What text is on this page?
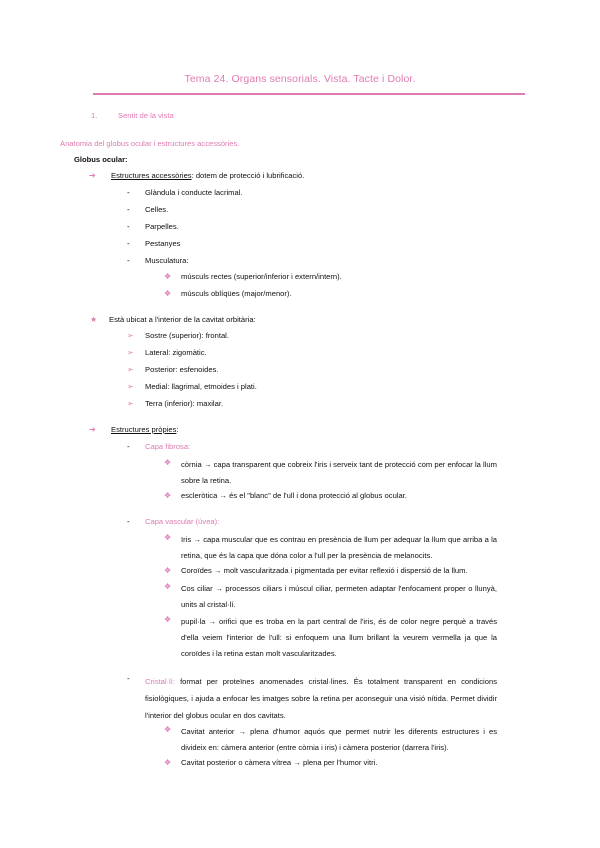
Tema 24. Organs sensorials. Vista. Tacte i Dolor.
1.	Sentit de la vista
Anatomia del globus ocular i estructures accessòries.
Globus ocular:
➔ Estructures accessòries: dotem de protecció i lubrificació.
- Glàndula i conducte lacrimal.
- Celles.
- Parpelles.
- Pestanyes
- Musculatura:
❖ músculs rectes (superior/inferior i extern/intern).
❖ músculs oblíqües (major/menor).
★ Està ubicat a l'interior de la cavitat orbitària:
➢ Sostre (superior): frontal.
➢ Lateral: zigomàtic.
➢ Posterior: esfenoides.
➢ Medial: llagrimal, etmoides i plati.
➢ Terra (inferior): maxilar.
➔ Estructures pròpies:
- Capa fibrosa:
❖ còrnia → capa transparent que cobreix l'iris i serveix tant de protecció com per enfocar la llum sobre la retina.
❖ escleròtica → és el "blanc" de l'ull i dona protecció al globus ocular.
- Capa vascular (úvea):
❖ Iris → capa muscular que es contrau en presència de llum per adequar la llum que arriba a la retina, que és la capa que dóna color a l'ull per la presència de melanocits.
❖ Coroïdes → molt vascularitzada i pigmentada per evitar reflexió i dispersió de la llum.
❖ Cos ciliar → processos ciliars i múscul ciliar, permeten adaptar l'enfocament proper o llunyà, units al cristal·lí.
❖ pupil·la → orifici que es troba en la part central de l'iris, és de color negre perquè a través d'ella veiem l'interior de l'ull: si enfoquem una llum brillant la veurem vermella ja que la coroïdes i la retina estan molt vascularitzades.
- Cristal·lí: format per proteïnes anomenades cristal·lines. És totalment transparent en condicions fisiològiques, i ajuda a enfocar les imatges sobre la retina per aconseguir una visió nítida. Permet dividir l'interior del globus ocular en dos cavitats.
❖ Cavitat anterior → plena d'humor aquós que permet nutrir les diferents estructures i es divideix en: càmera anterior (entre còrnia i iris) i càmera posterior (darrera l'iris).
❖ Cavitat posterior o càmera vítrea → plena per l'humor vitri.
